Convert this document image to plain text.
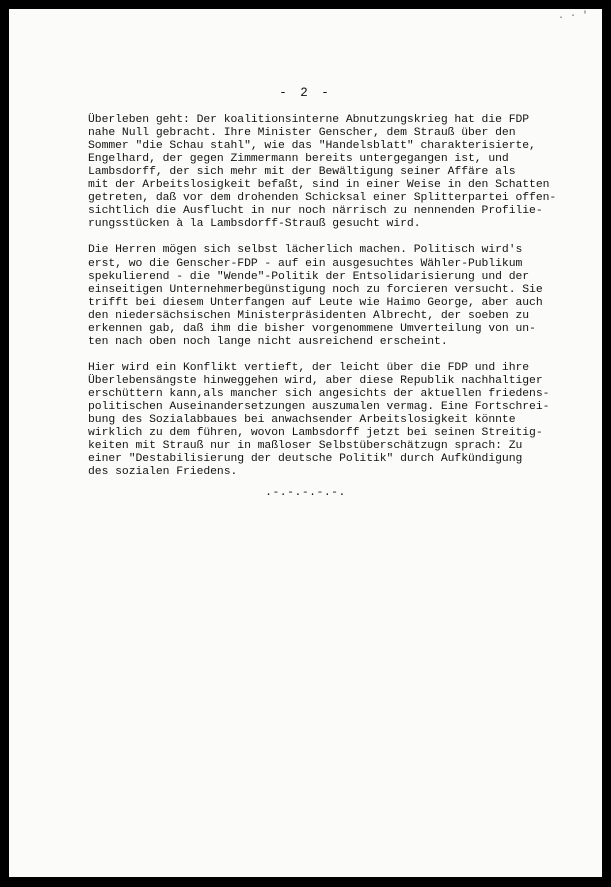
. · '
- 2 -

Überleben geht: Der koalitionsinterne Abnutzungskrieg hat die FDP
nahe Null gebracht. Ihre Minister Genscher, dem Strauß über den
Sommer "die Schau stahl", wie das "Handelsblatt" charakterisierte,
Engelhard, der gegen Zimmermann bereits untergegangen ist, und
Lambsdorff, der sich mehr mit der Bewältigung seiner Affäre als
mit der Arbeitslosigkeit befaßt, sind in einer Weise in den Schatten
getreten, daß vor dem drohenden Schicksal einer Splitterpartei offen-
sichtlich die Ausflucht in nur noch närrisch zu nennenden Profilie-
rungsstücken à la Lambsdorff-Strauß gesucht wird.

Die Herren mögen sich selbst lächerlich machen. Politisch wird's
erst, wo die Genscher-FDP - auf ein ausgesuchtes Wähler-Publikum
spekulierend - die "Wende"-Politik der Entsolidarisierung und der
einseitigen Unternehmerbegünstigung noch zu forcieren versucht. Sie
trifft bei diesem Unterfangen auf Leute wie Haimo George, aber auch
den niedersächsischen Ministerpräsidenten Albrecht, der soeben zu
erkennen gab, daß ihm die bisher vorgenommene Umverteilung von un-
ten nach oben noch lange nicht ausreichend erscheint.

Hier wird ein Konflikt vertieft, der leicht über die FDP und ihre
Überlebensängste hinweggehen wird, aber diese Republik nachhaltiger
erschüttern kann,als mancher sich angesichts der aktuellen friedens-
politischen Auseinandersetzungen auszumalen vermag. Eine Fortschrei-
bung des Sozialabbaues bei anwachsender Arbeitslosigkeit könnte
wirklich zu dem führen, wovon Lambsdorff jetzt bei seinen Streitig-
keiten mit Strauß nur in maßloser Selbstüberschätzugn sprach: Zu
einer "Destabilisierung der deutsche Politik" durch Aufkündigung
des sozialen Friedens.

.-.-.-.-.-.
